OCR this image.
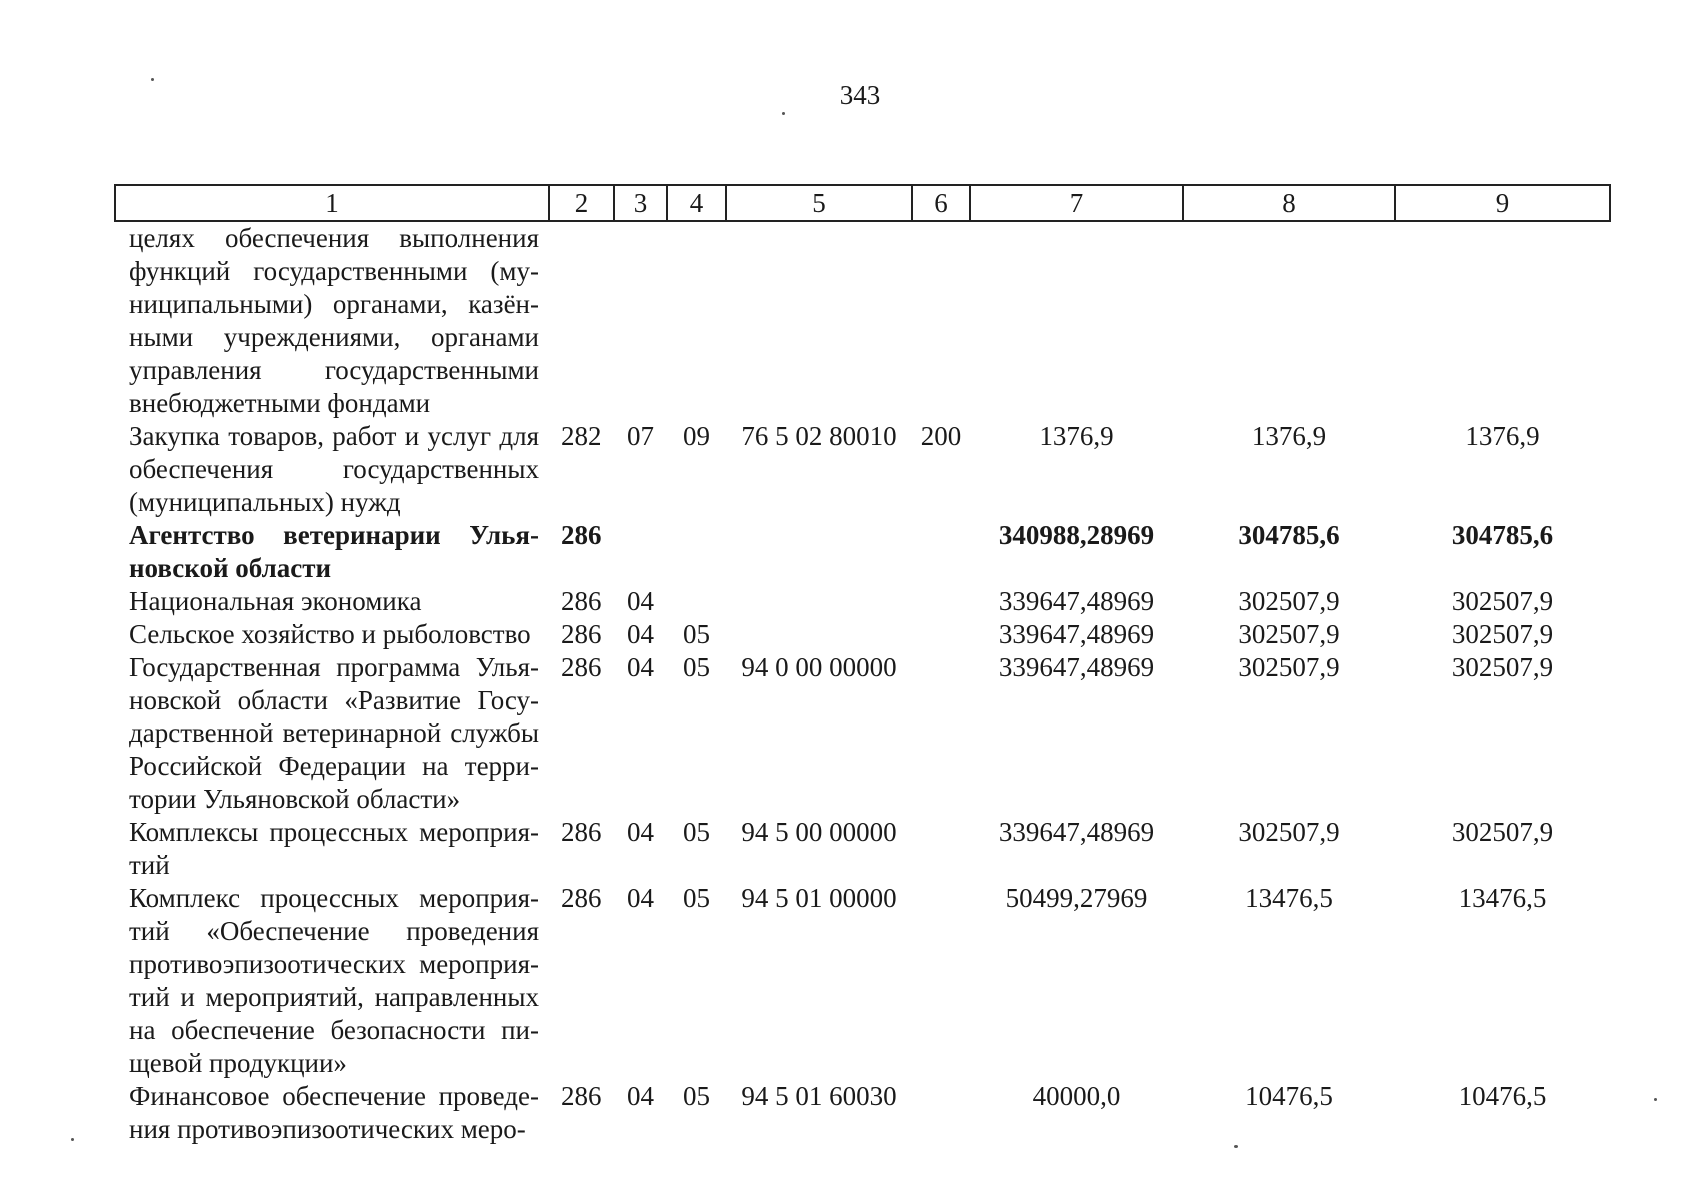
343
1	2	3	4	5	6	7	8	9
целях обеспечения выполнения функций государственными (му-ниципальными) органами, казён-ными учреждениями, органами управления государственными внебюджетными фондами								
Закупка товаров, работ и услуг для обеспечения государственных (муниципальных) нужд	282	07	09	76 5 02 80010	200	1376,9	1376,9	1376,9
Агентство ветеринарии Улья-новской области	286					340988,28969	304785,6	304785,6
Национальная экономика	286	04				339647,48969	302507,9	302507,9
Сельское хозяйство и рыболовство	286	04	05			339647,48969	302507,9	302507,9
Государственная программа Улья-новской области «Развитие Госу-дарственной ветеринарной службы Российской Федерации на терри-тории Ульяновской области»	286	04	05	94 0 00 00000		339647,48969	302507,9	302507,9
Комплексы процессных мероприя-тий	286	04	05	94 5 00 00000		339647,48969	302507,9	302507,9
Комплекс процессных мероприя-тий «Обеспечение проведения противоэпизоотических мероприя-тий и мероприятий, направленных на обеспечение безопасности пи-щевой продукции»	286	04	05	94 5 01 00000		50499,27969	13476,5	13476,5
Финансовое обеспечение проведе-ния противоэпизоотических меро-	286	04	05	94 5 01 60030		40000,0	10476,5	10476,5
